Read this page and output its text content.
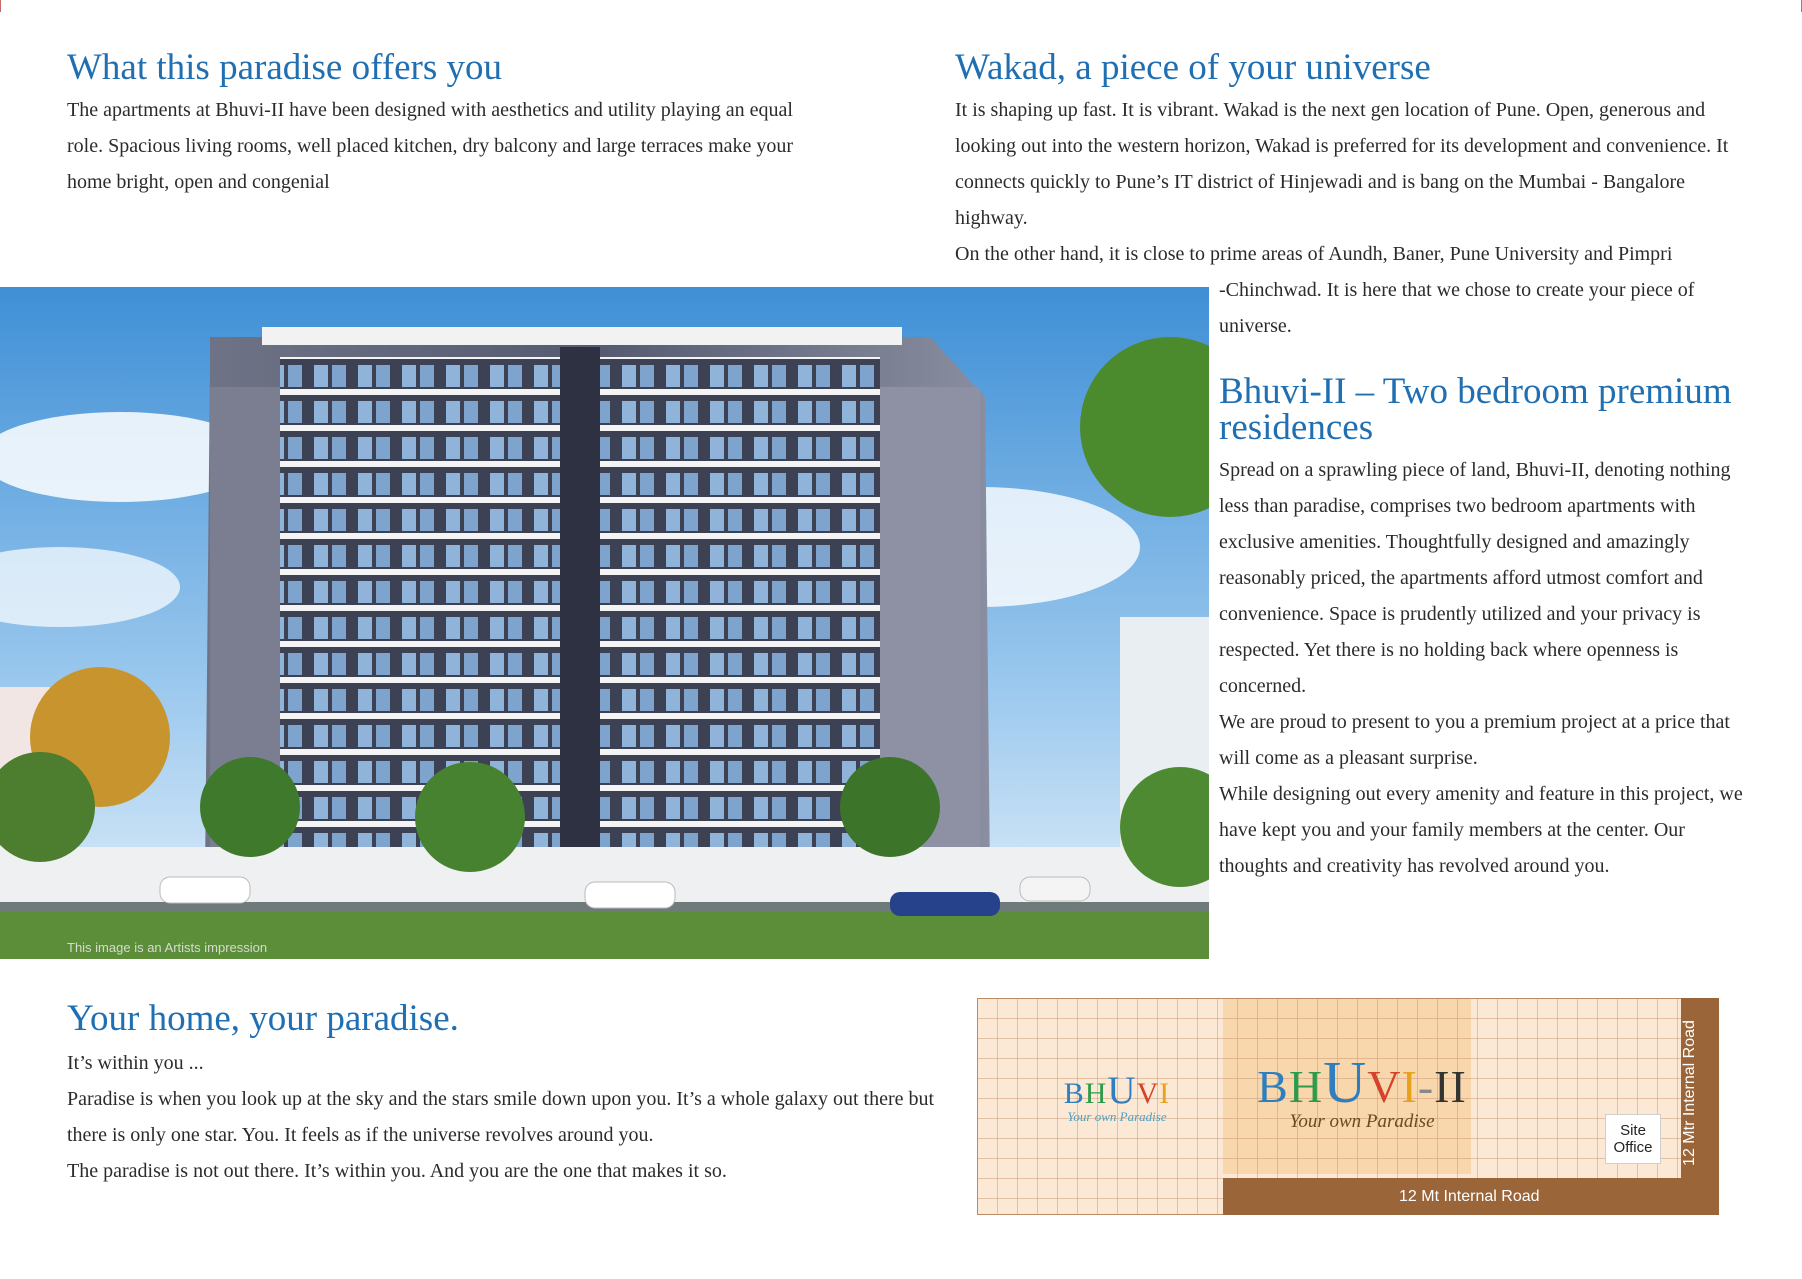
What this paradise offers you

The apartments at Bhuvi-II have been designed with aesthetics and utility playing an equal role. Spacious living rooms, well placed kitchen, dry balcony and large terraces make your home bright, open and congenial

Wakad, a piece of your universe

It is shaping up fast. It is vibrant. Wakad is the next gen location of Pune. Open, generous and looking out into the western horizon, Wakad is preferred for its development and convenience. It connects quickly to Pune’s IT district of Hinjewadi and is bang on the Mumbai - Bangalore highway.

On the other hand, it is close to prime areas of Aundh, Baner, Pune University and Pimpri

-Chinchwad. It is here that we chose to create your piece of universe.

Bhuvi-II – Two bedroom premium residences

Spread on a sprawling piece of land, Bhuvi-II, denoting nothing less than paradise, comprises two bedroom apartments with exclusive amenities. Thoughtfully designed and amazingly reasonably priced, the apartments afford utmost comfort and convenience. Space is prudently utilized and your privacy is respected. Yet there is no holding back where openness is concerned.

We are proud to present to you a premium project at a price that will come as a pleasant surprise.

While designing out every amenity and feature in this project, we have kept you and your family members at the center. Our thoughts and creativity has revolved around you.

This image is an Artists impression
Your home, your paradise.

It’s within you ...

Paradise is when you look up at the sky and the stars smile down upon you. It’s a whole galaxy out there but there is only one star. You. It feels as if the universe revolves around you.

The paradise is not out there. It’s within you. And you are the one that makes it so.

BHUVI
Your own Paradise
BHUVI-II
Your own Paradise	Site Office
12 Mt Internal Road
12 Mtr Internal Road
